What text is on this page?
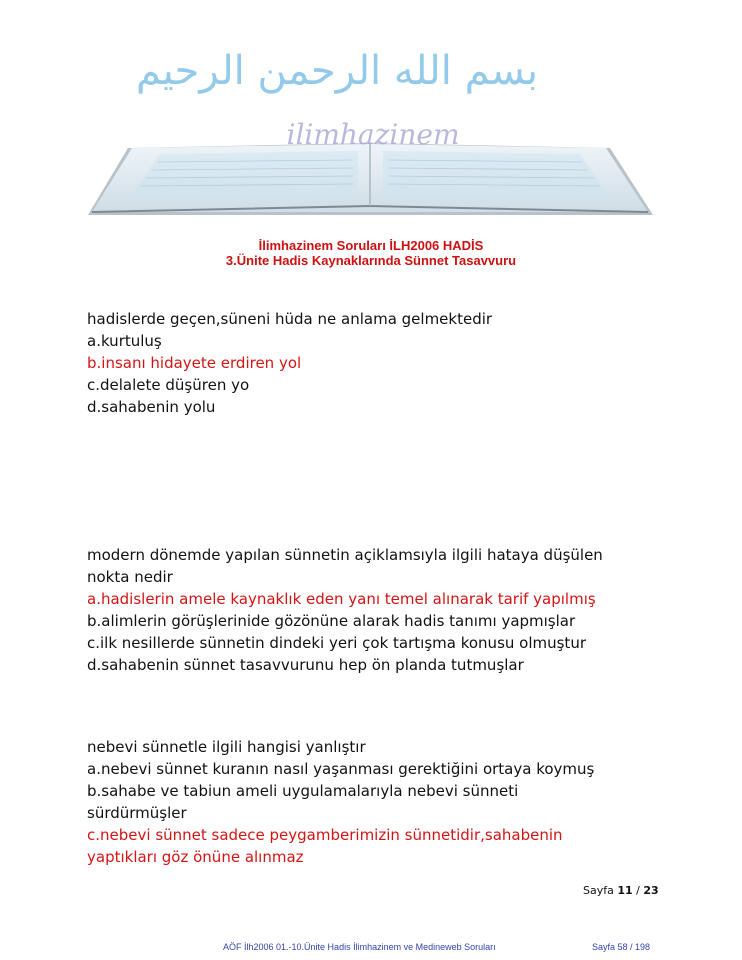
بسم الله الرحمن الرحيم
ilimhazinem
İlimhazinem Soruları İLH2006 HADİS
3.Ünite Hadis Kaynaklarında Sünnet Tasavvuru
hadislerde geçen,süneni hüda ne anlama gelmektedir
a.kurtuluş
b.insanı hidayete erdiren yol
c.delalete düşüren yo
d.sahabenin yolu
modern dönemde yapılan sünnetin açiklamsıyla ilgili hataya düşülen
nokta nedir
a.hadislerin amele kaynaklık eden yanı temel alınarak tarif yapılmış
b.alimlerin görüşlerinide gözönüne alarak hadis tanımı yapmışlar
c.ilk nesillerde sünnetin dindeki yeri çok tartışma konusu olmuştur
d.sahabenin sünnet tasavvurunu hep ön planda tutmuşlar
nebevi sünnetle ilgili hangisi yanlıştır
a.nebevi sünnet kuranın nasıl yaşanması gerektiğini ortaya koymuş
b.sahabe ve tabiun ameli uygulamalarıyla nebevi sünneti
sürdürmüşler
c.nebevi sünnet sadece peygamberimizin sünnetidir,sahabenin
yaptıkları göz önüne alınmaz
Sayfa 11 / 23
AÖF İlh2006 01.-10.Ünite Hadis İlimhazinem ve Medineweb Soruları	Sayfa 58 / 198
